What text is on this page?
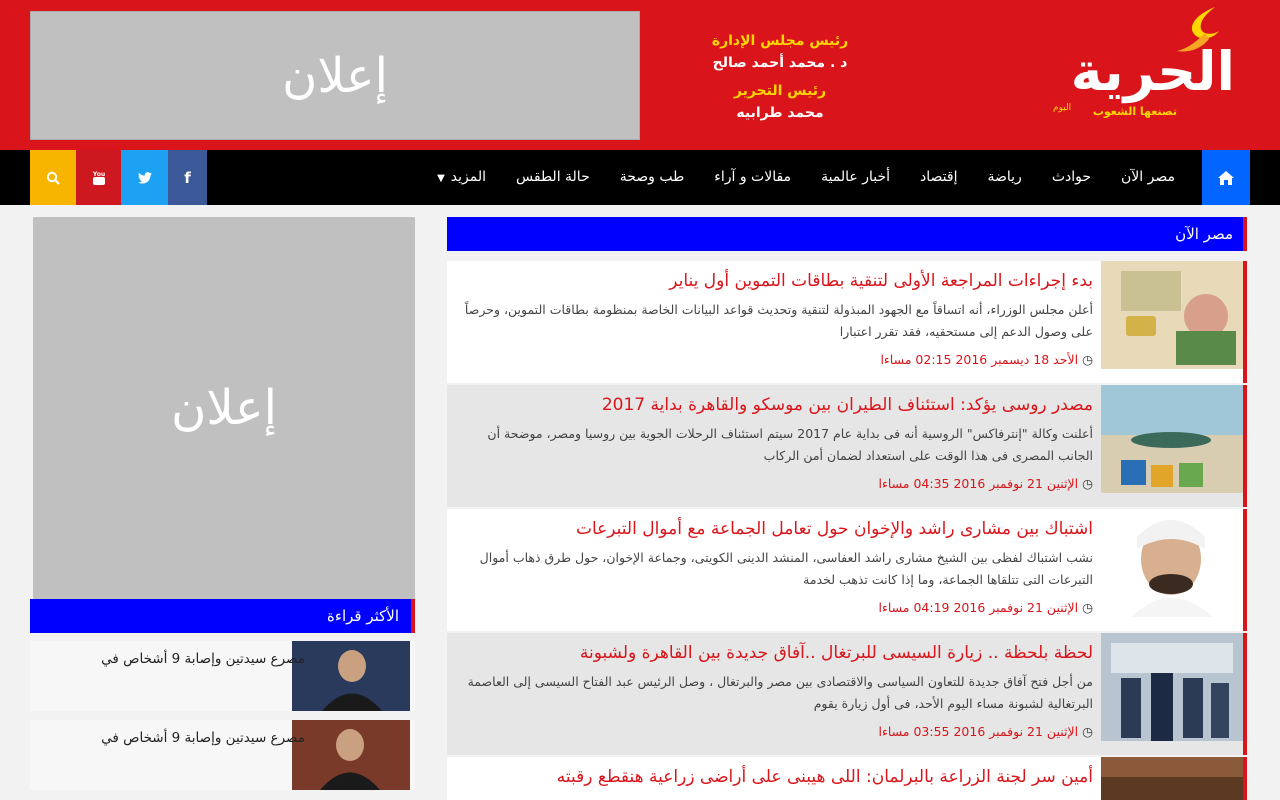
الحرية
تصنعها الشعوب
اليوم
رئيس مجلس الإدارة
د . محمد أحمد صالح
رئيس التحرير
محمد طرابيه
إعلان
مصر الآن
حوادث
رياضة
إقتصاد
أخبار عالمية
مقالات و آراء
طب وصحة
حالة الطقس
المزيد▼
f
You
مصر الآن
بدء إجراءات المراجعة الأولى لتنقية بطاقات التموين أول يناير
أعلن مجلس الوزراء، أنه اتساقاً مع الجهود المبذولة لتنقية وتحديث قواعد البيانات الخاصة بمنظومة بطاقات التموين، وحرصاً على وصول الدعم إلى مستحقيه، فقد تقرر اعتبارا
◷الأحد 18 ديسمبر 2016 02:15 مساءا
مصدر روسى يؤكد: استئناف الطيران بين موسكو والقاهرة بداية 2017
أعلنت وكالة "إنترفاكس" الروسية أنه فى بداية عام 2017 سيتم استئناف الرحلات الجوية بين روسيا ومصر، موضحة أن الجانب المصرى فى هذا الوقت على استعداد لضمان أمن الركاب
◷الإثنين 21 نوفمبر 2016 04:35 مساءا
اشتباك بين مشارى راشد والإخوان حول تعامل الجماعة مع أموال التبرعات
نشب اشتباك لفظى بين الشيخ مشارى راشد العفاسى، المنشد الدينى الكويتى، وجماعة الإخوان، حول طرق ذهاب أموال التبرعات التى تتلقاها الجماعة، وما إذا كانت تذهب لخدمة
◷الإثنين 21 نوفمبر 2016 04:19 مساءا
لحظة بلحظة .. زيارة السيسى للبرتغال ..آفاق جديدة بين القاهرة ولشبونة
من أجل فتح آفاق جديدة للتعاون السياسى والاقتصادى بين مصر والبرتغال ، وصل الرئيس عبد الفتاح السيسى إلى العاصمة البرتغالية لشبونة مساء اليوم الأحد، فى أول زيارة يقوم
◷الإثنين 21 نوفمبر 2016 03:55 مساءا
أمين سر لجنة الزراعة بالبرلمان: اللى هيبنى على أراضى زراعية هنقطع رقبته
إعلان
الأكثر قراءة
مصرع سيدتين وإصابة 9 أشخاص في
مصرع سيدتين وإصابة 9 أشخاص في
